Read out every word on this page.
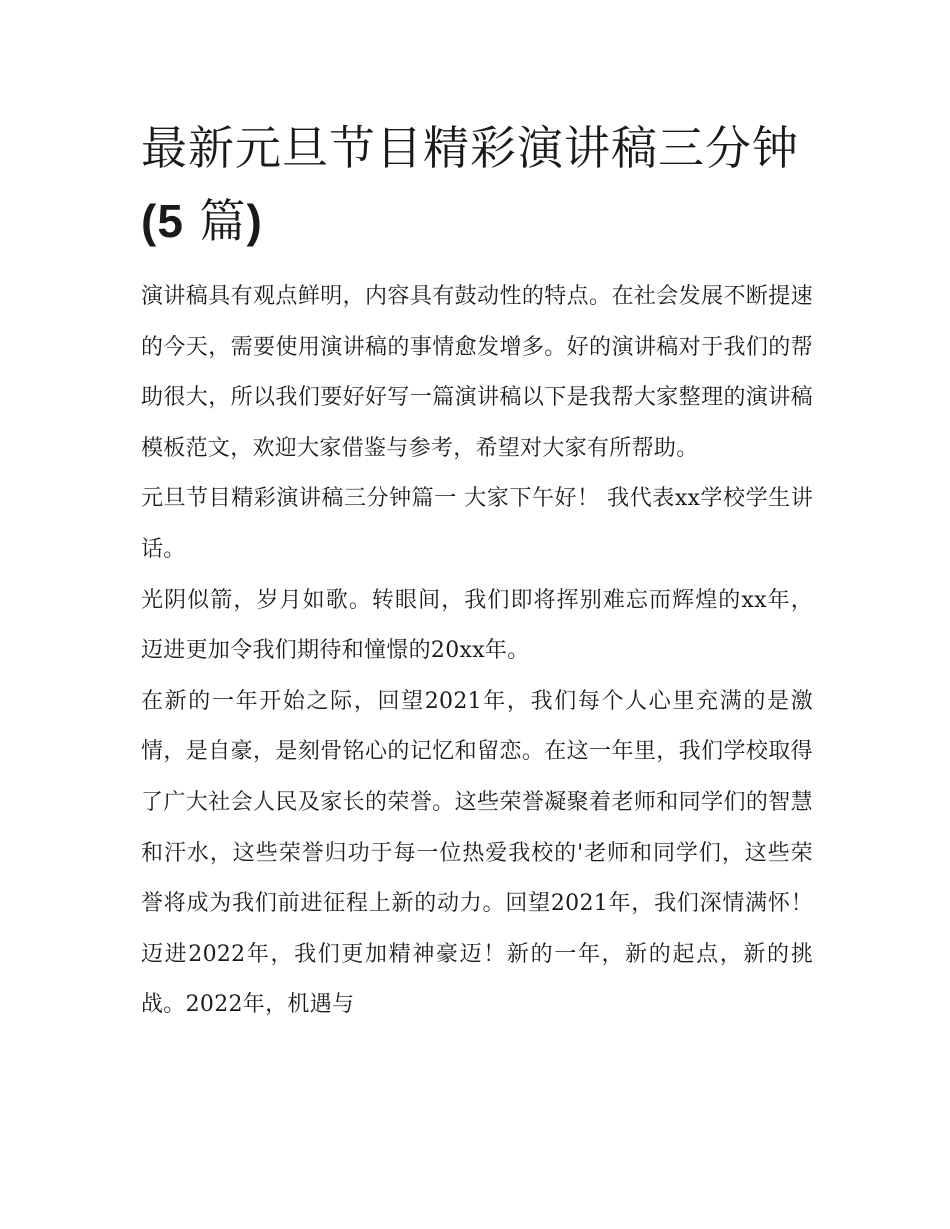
最新元旦节目精彩演讲稿三分钟(5 篇)

演讲稿具有观点鲜明，内容具有鼓动性的特点。在社会发展不断提速的今天，需要使用演讲稿的事情愈发增多。好的演讲稿对于我们的帮助很大，所以我们要好好写一篇演讲稿以下是我帮大家整理的演讲稿模板范文，欢迎大家借鉴与参考，希望对大家有所帮助。

元旦节目精彩演讲稿三分钟篇一 大家下午好！ 我代表xx学校学生讲话。

光阴似箭，岁月如歌。转眼间，我们即将挥别难忘而辉煌的xx年，迈进更加令我们期待和憧憬的20xx年。

在新的一年开始之际，回望2021年，我们每个人心里充满的是激情，是自豪，是刻骨铭心的记忆和留恋。在这一年里，我们学校取得了广大社会人民及家长的荣誉。这些荣誉凝聚着老师和同学们的智慧和汗水，这些荣誉归功于每一位热爱我校的'老师和同学们，这些荣誉将成为我们前进征程上新的动力。回望2021年，我们深情满怀！迈进2022年，我们更加精神豪迈！新的一年，新的起点，新的挑战。2022年，机遇与
